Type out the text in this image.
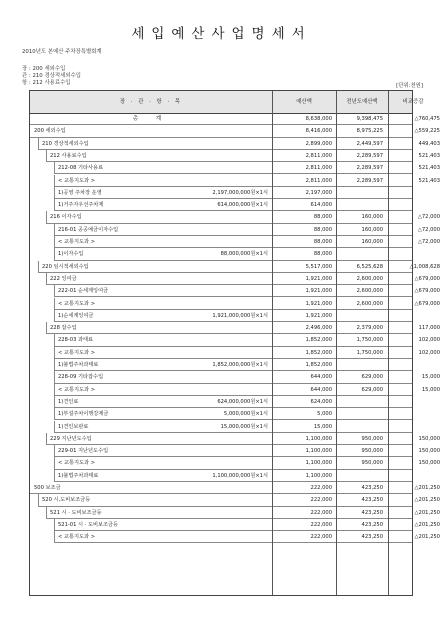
세입예산사업명세서
2010년도 본예산 주차장특별회계
장 : 200 세외수입
관 : 210 경상적세외수입
항 : 212 사용료수입	[단위:천원]
장 · 관 · 항 · 목	예산액	전년도예산액	비교증감
총 계	8,638,000	9,398,475	△760,475
200 세외수입	8,416,000	8,975,225	△559,225
210 경상적세외수입	2,899,000	2,449,597	449,403
212 사용료수입	2,811,000	2,289,597	521,403
212-08 기타사용료	2,811,000	2,289,597	521,403
< 교통지도과 >	2,811,000	2,289,597	521,403
1)공영 주차장 운영	2,197,000,000원×1식	2,197,000
1)거주자우선주차제	614,000,000원×1식	614,000
216 이자수입	88,000	160,000	△72,000
216-01 공공예금이자수입	88,000	160,000	△72,000
< 교통지도과 >	88,000	160,000	△72,000
1)이자수입	88,000,000원×1식	88,000
220 임시적세외수입	5,517,000	6,525,628	△1,008,628
222 잉여금	1,921,000	2,600,000	△679,000
222-01 순세계잉여금	1,921,000	2,600,000	△679,000
< 교통지도과 >	1,921,000	2,600,000	△679,000
1)순세계잉여금	1,921,000,000원×1식	1,921,000
228 잡수입	2,496,000	2,379,000	117,000
228-03 과태료	1,852,000	1,750,000	102,000
< 교통지도과 >	1,852,000	1,750,000	102,000
1)불법주차과태료	1,852,000,000원×1식	1,852,000
228-09 기타잡수입	644,000	629,000	15,000
< 교통지도과 >	644,000	629,000	15,000
1)견인료	624,000,000원×1식	624,000
1)부설주차이행강제금	5,000,000원×1식	5,000
1)견인보관료	15,000,000원×1식	15,000
229 지난년도수입	1,100,000	950,000	150,000
229-01 지난년도수입	1,100,000	950,000	150,000
< 교통지도과 >	1,100,000	950,000	150,000
1)불법주차과태료	1,100,000,000원×1식	1,100,000
500 보조금	222,000	423,250	△201,250
520 시,도비보조금등	222,000	423,250	△201,250
521 시 · 도비보조금등	222,000	423,250	△201,250
521-01 시 · 도비보조금등	222,000	423,250	△201,250
< 교통지도과 >	222,000	423,250	△201,250
